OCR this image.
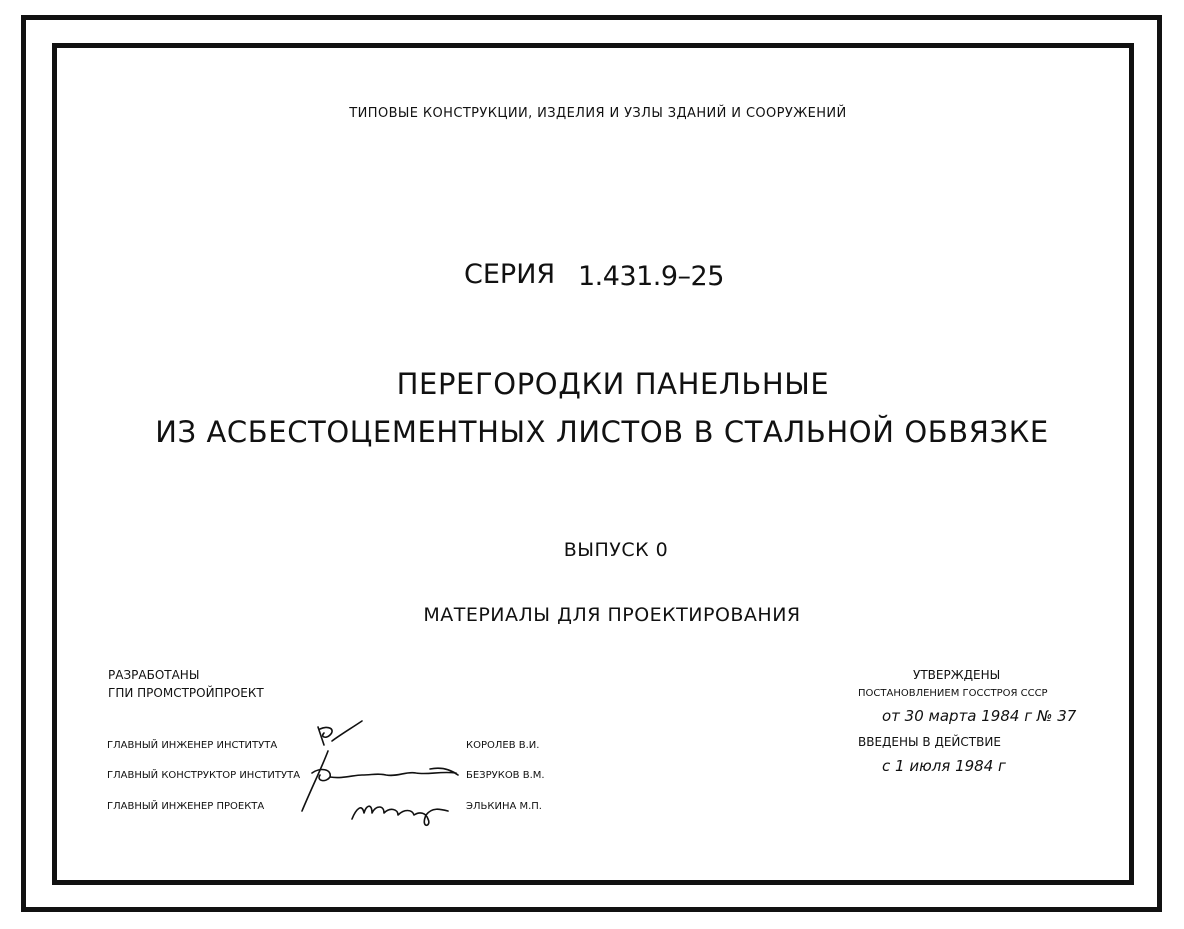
ТИПОВЫЕ КОНСТРУКЦИИ, ИЗДЕЛИЯ И УЗЛЫ ЗДАНИЙ И СООРУЖЕНИЙ
СЕРИЯ 1.431.9–25
ПЕРЕГОРОДКИ ПАНЕЛЬНЫЕ
ИЗ АСБЕСТОЦЕМЕНТНЫХ ЛИСТОВ В СТАЛЬНОЙ ОБВЯЗКЕ
ВЫПУСК 0
МАТЕРИАЛЫ ДЛЯ ПРОЕКТИРОВАНИЯ
РАЗРАБОТАНЫ
ГПИ ПРОМСТРОЙПРОЕКТ
ГЛАВНЫЙ ИНЖЕНЕР ИНСТИТУТА
ГЛАВНЫЙ КОНСТРУКТОР ИНСТИТУТА
ГЛАВНЫЙ ИНЖЕНЕР ПРОЕКТА
КОРОЛЕВ В.И.
БЕЗРУКОВ В.М.
ЭЛЬКИНА М.П.
УТВЕРЖДЕНЫ
ПОСТАНОВЛЕНИЕМ ГОССТРОЯ СССР
от 30 марта 1984 г № 37
ВВЕДЕНЫ В ДЕЙСТВИЕ
с 1 июля 1984 г
